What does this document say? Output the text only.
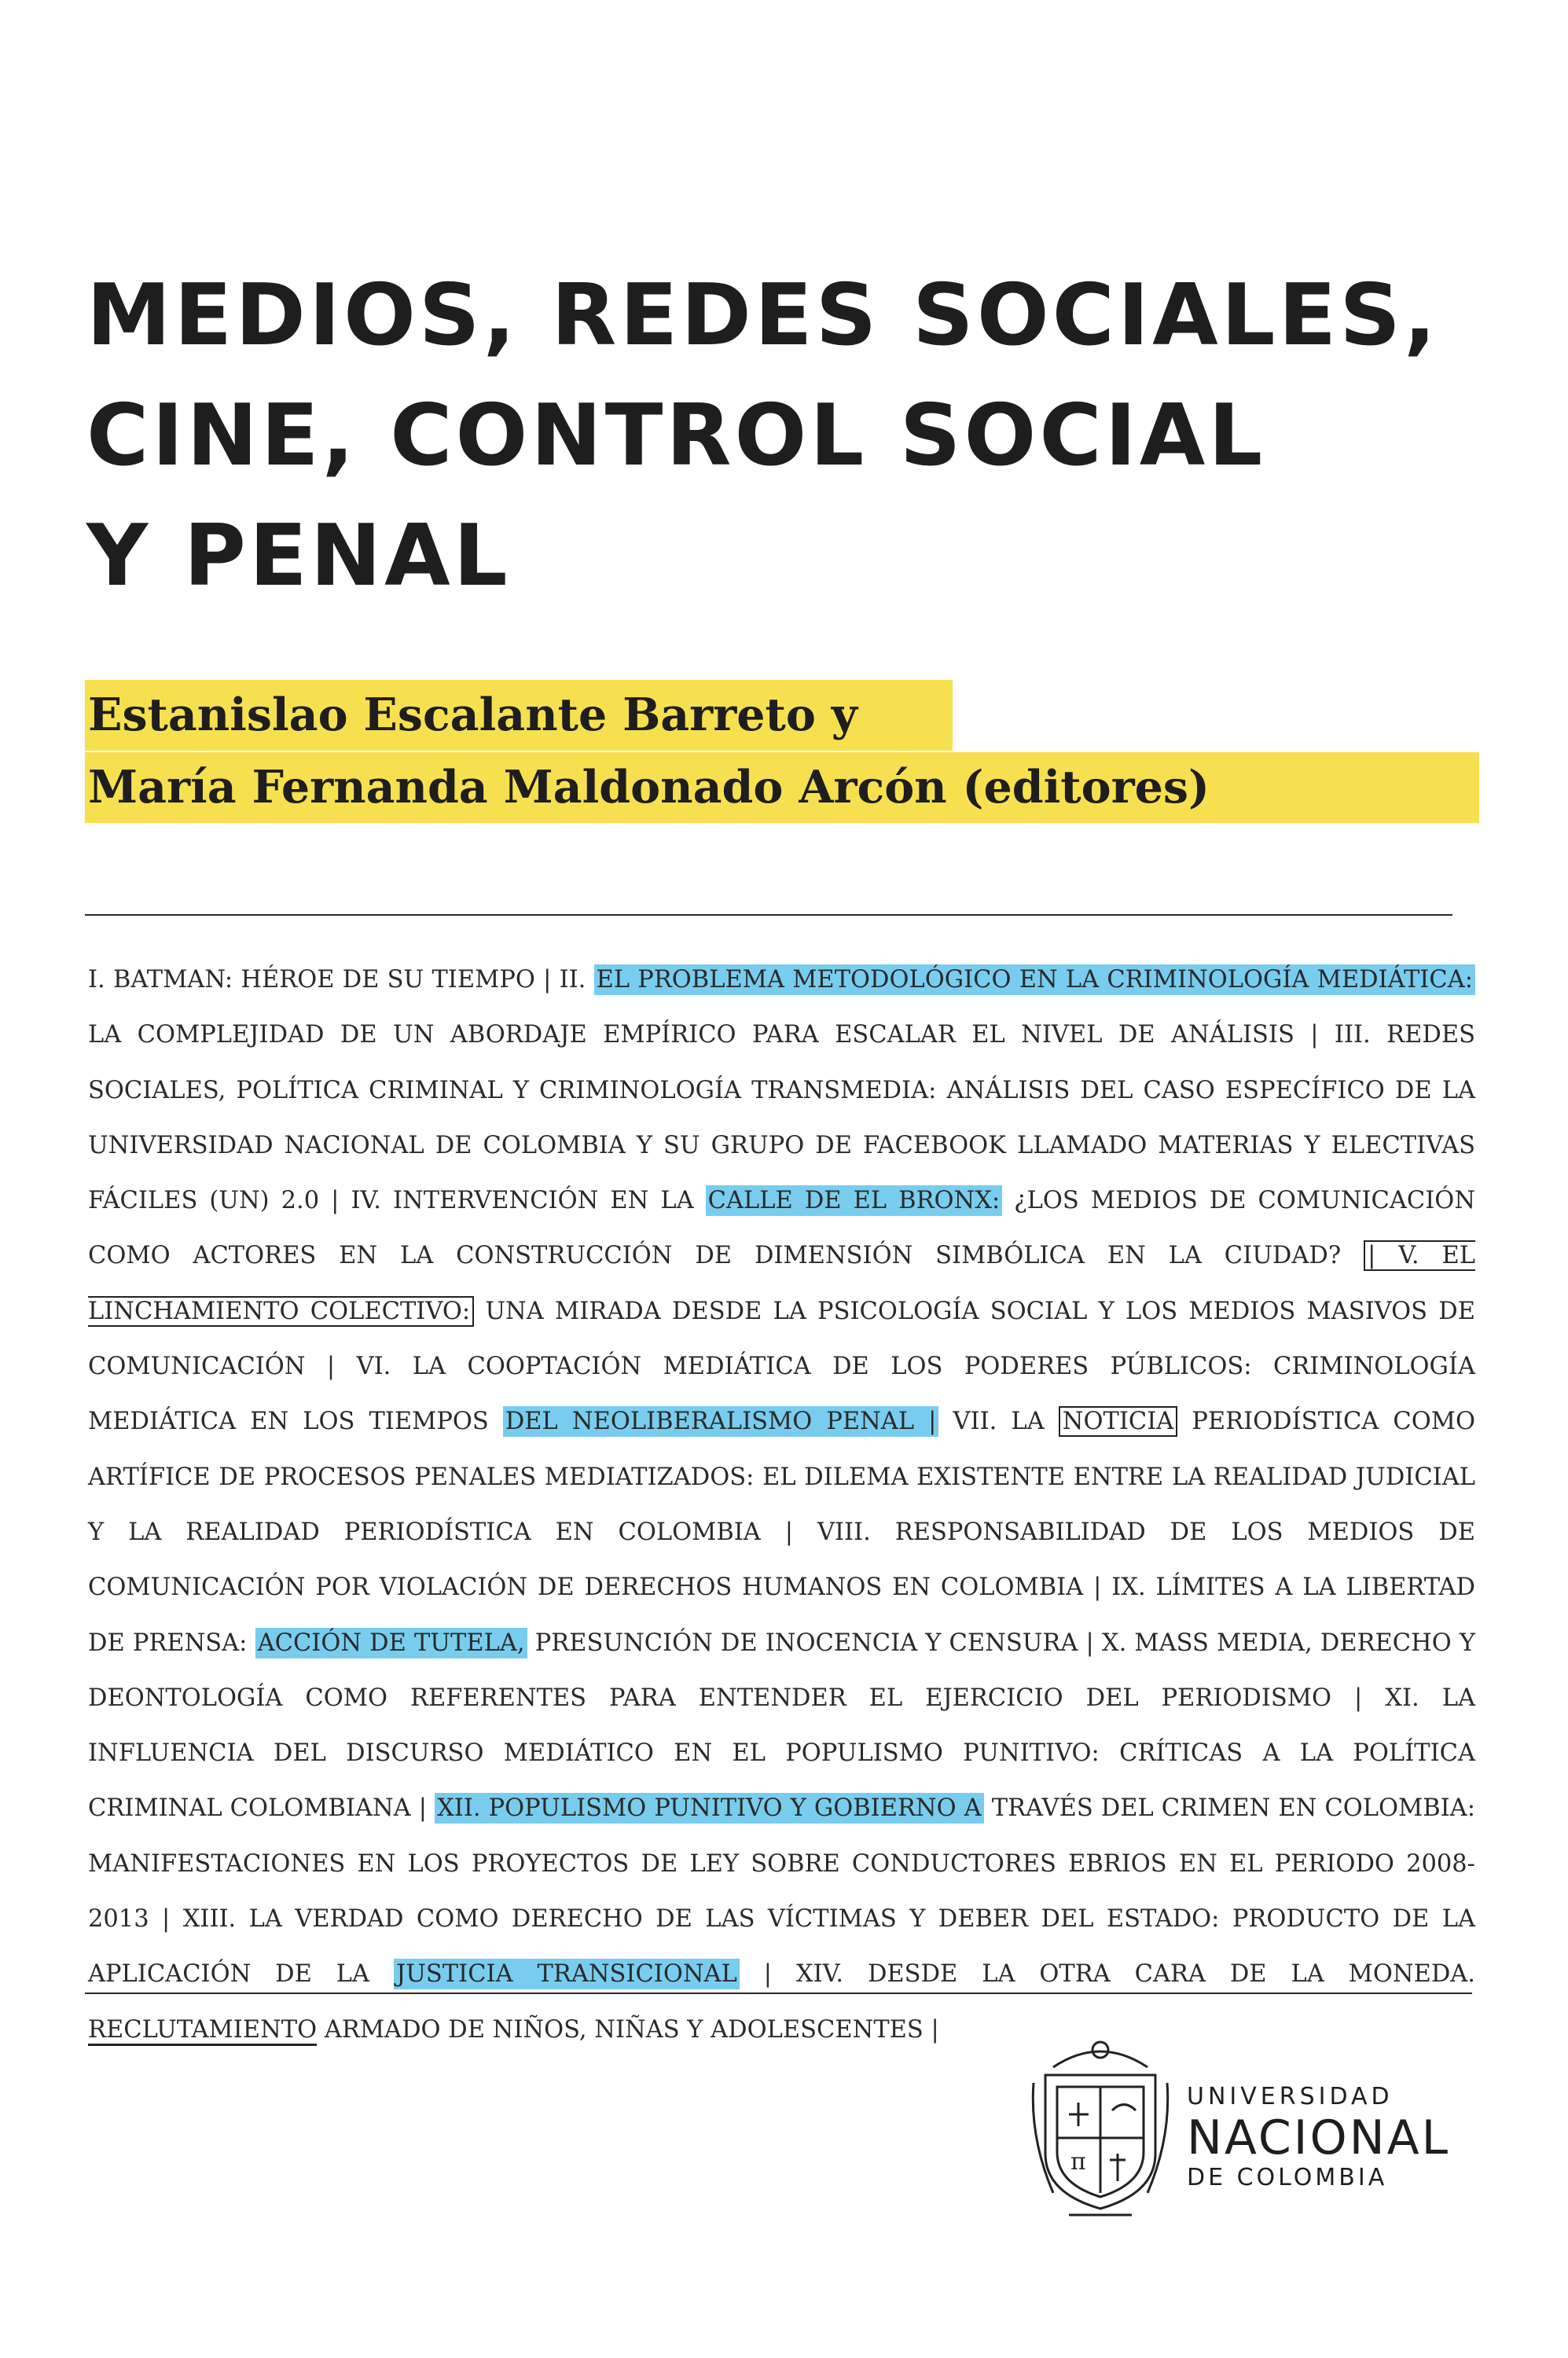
MEDIOS, REDES SOCIALES,
CINE, CONTROL SOCIAL
Y PENAL
Estanislao Escalante Barreto y
María Fernanda Maldonado Arcón (editores)
I. BATMAN: HÉROE DE SU TIEMPO | II. EL PROBLEMA METODOLÓGICO EN LA CRIMINOLOGÍA MEDIÁTICA: LA COMPLEJIDAD DE UN ABORDAJE EMPÍRICO PARA ESCALAR EL NIVEL DE ANÁLISIS | III. REDES SOCIALES, POLÍTICA CRIMINAL Y CRIMINOLOGÍA TRANSMEDIA: ANÁLISIS DEL CASO ESPECÍFICO DE LA UNIVERSIDAD NACIONAL DE COLOMBIA Y SU GRUPO DE FACEBOOK LLAMADO MATERIAS Y ELECTIVAS FÁCILES (UN) 2.0 | IV. INTERVENCIÓN EN LA CALLE DE EL BRONX: ¿LOS MEDIOS DE COMUNICACIÓN COMO ACTORES EN LA CONSTRUCCIÓN DE DIMENSIÓN SIMBÓLICA EN LA CIUDAD? | V. EL LINCHAMIENTO COLECTIVO: UNA MIRADA DESDE LA PSICOLOGÍA SOCIAL Y LOS MEDIOS MASIVOS DE COMUNICACIÓN | VI. LA COOPTACIÓN MEDIÁTICA DE LOS PODERES PÚBLICOS: CRIMINOLOGÍA MEDIÁTICA EN LOS TIEMPOS DEL NEOLIBERALISMO PENAL | VII. LA NOTICIA PERIODÍSTICA COMO ARTÍFICE DE PROCESOS PENALES MEDIATIZADOS: EL DILEMA EXISTENTE ENTRE LA REALIDAD JUDICIAL Y LA REALIDAD PERIODÍSTICA EN COLOMBIA | VIII. RESPONSABILIDAD DE LOS MEDIOS DE COMUNICACIÓN POR VIOLACIÓN DE DERECHOS HUMANOS EN COLOMBIA | IX. LÍMITES A LA LIBERTAD DE PRENSA: ACCIÓN DE TUTELA, PRESUNCIÓN DE INOCENCIA Y CENSURA | X. MASS MEDIA, DERECHO Y DEONTOLOGÍA COMO REFERENTES PARA ENTENDER EL EJERCICIO DEL PERIODISMO | XI. LA INFLUENCIA DEL DISCURSO MEDIÁTICO EN EL POPULISMO PUNITIVO: CRÍTICAS A LA POLÍTICA CRIMINAL COLOMBIANA | XII. POPULISMO PUNITIVO Y GOBIERNO A TRAVÉS DEL CRIMEN EN COLOMBIA: MANIFESTACIONES EN LOS PROYECTOS DE LEY SOBRE CONDUCTORES EBRIOS EN EL PERIODO 2008-2013 | XIII. LA VERDAD COMO DERECHO DE LAS VÍCTIMAS Y DEBER DEL ESTADO: PRODUCTO DE LA APLICACIÓN DE LA JUSTICIA TRANSICIONAL | XIV. DESDE LA OTRA CARA DE LA MONEDA. RECLUTAMIENTO ARMADO DE NIÑOS, NIÑAS Y ADOLESCENTES |
π
UNIVERSIDAD
NACIONAL
DE COLOMBIA
